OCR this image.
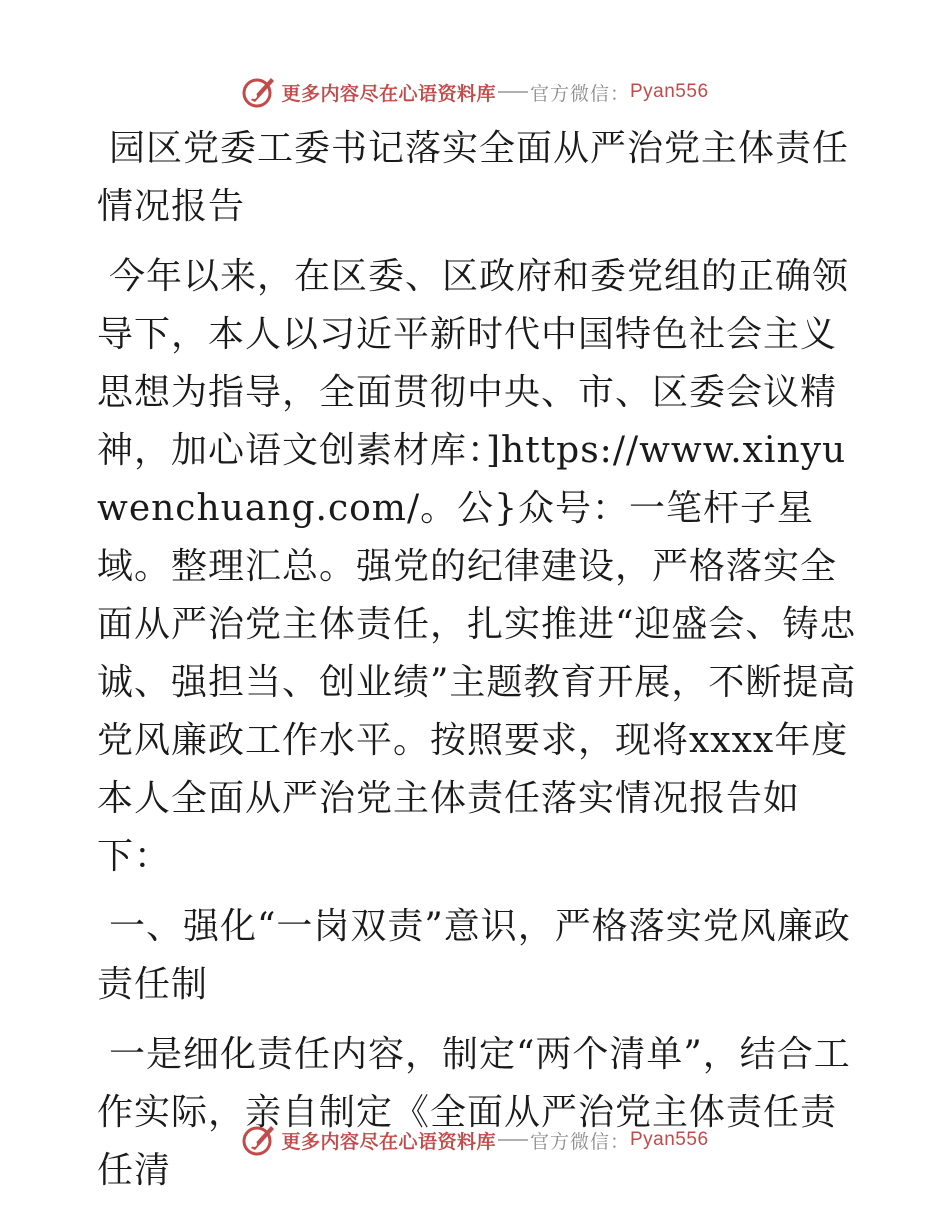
更多内容尽在心语资料库 官方微信： Pyan556

园区党委工委书记落实全面从严治党主体责任情况报告

今年以来，在区委、区政府和委党组的正确领导下，本人以习近平新时代中国特色社会主义思想为指导，全面贯彻中央、市、区委会议精神，加心语文创素材库：]https://www.xinyuwenchuang.com/。公}众号：一笔杆子星域。整理汇总。强党的纪律建设，严格落实全面从严治党主体责任，扎实推进“迎盛会、铸忠诚、强担当、创业绩”主题教育开展，不断提高党风廉政工作水平。按照要求，现将xxxx年度本人全面从严治党主体责任落实情况报告如下：

一、强化“一岗双责”意识，严格落实党风廉政责任制

一是细化责任内容，制定“两个清单”，结合工作实际，亲自制定《全面从严治党主体责任责任清

更多内容尽在心语资料库 官方微信： Pyan556
